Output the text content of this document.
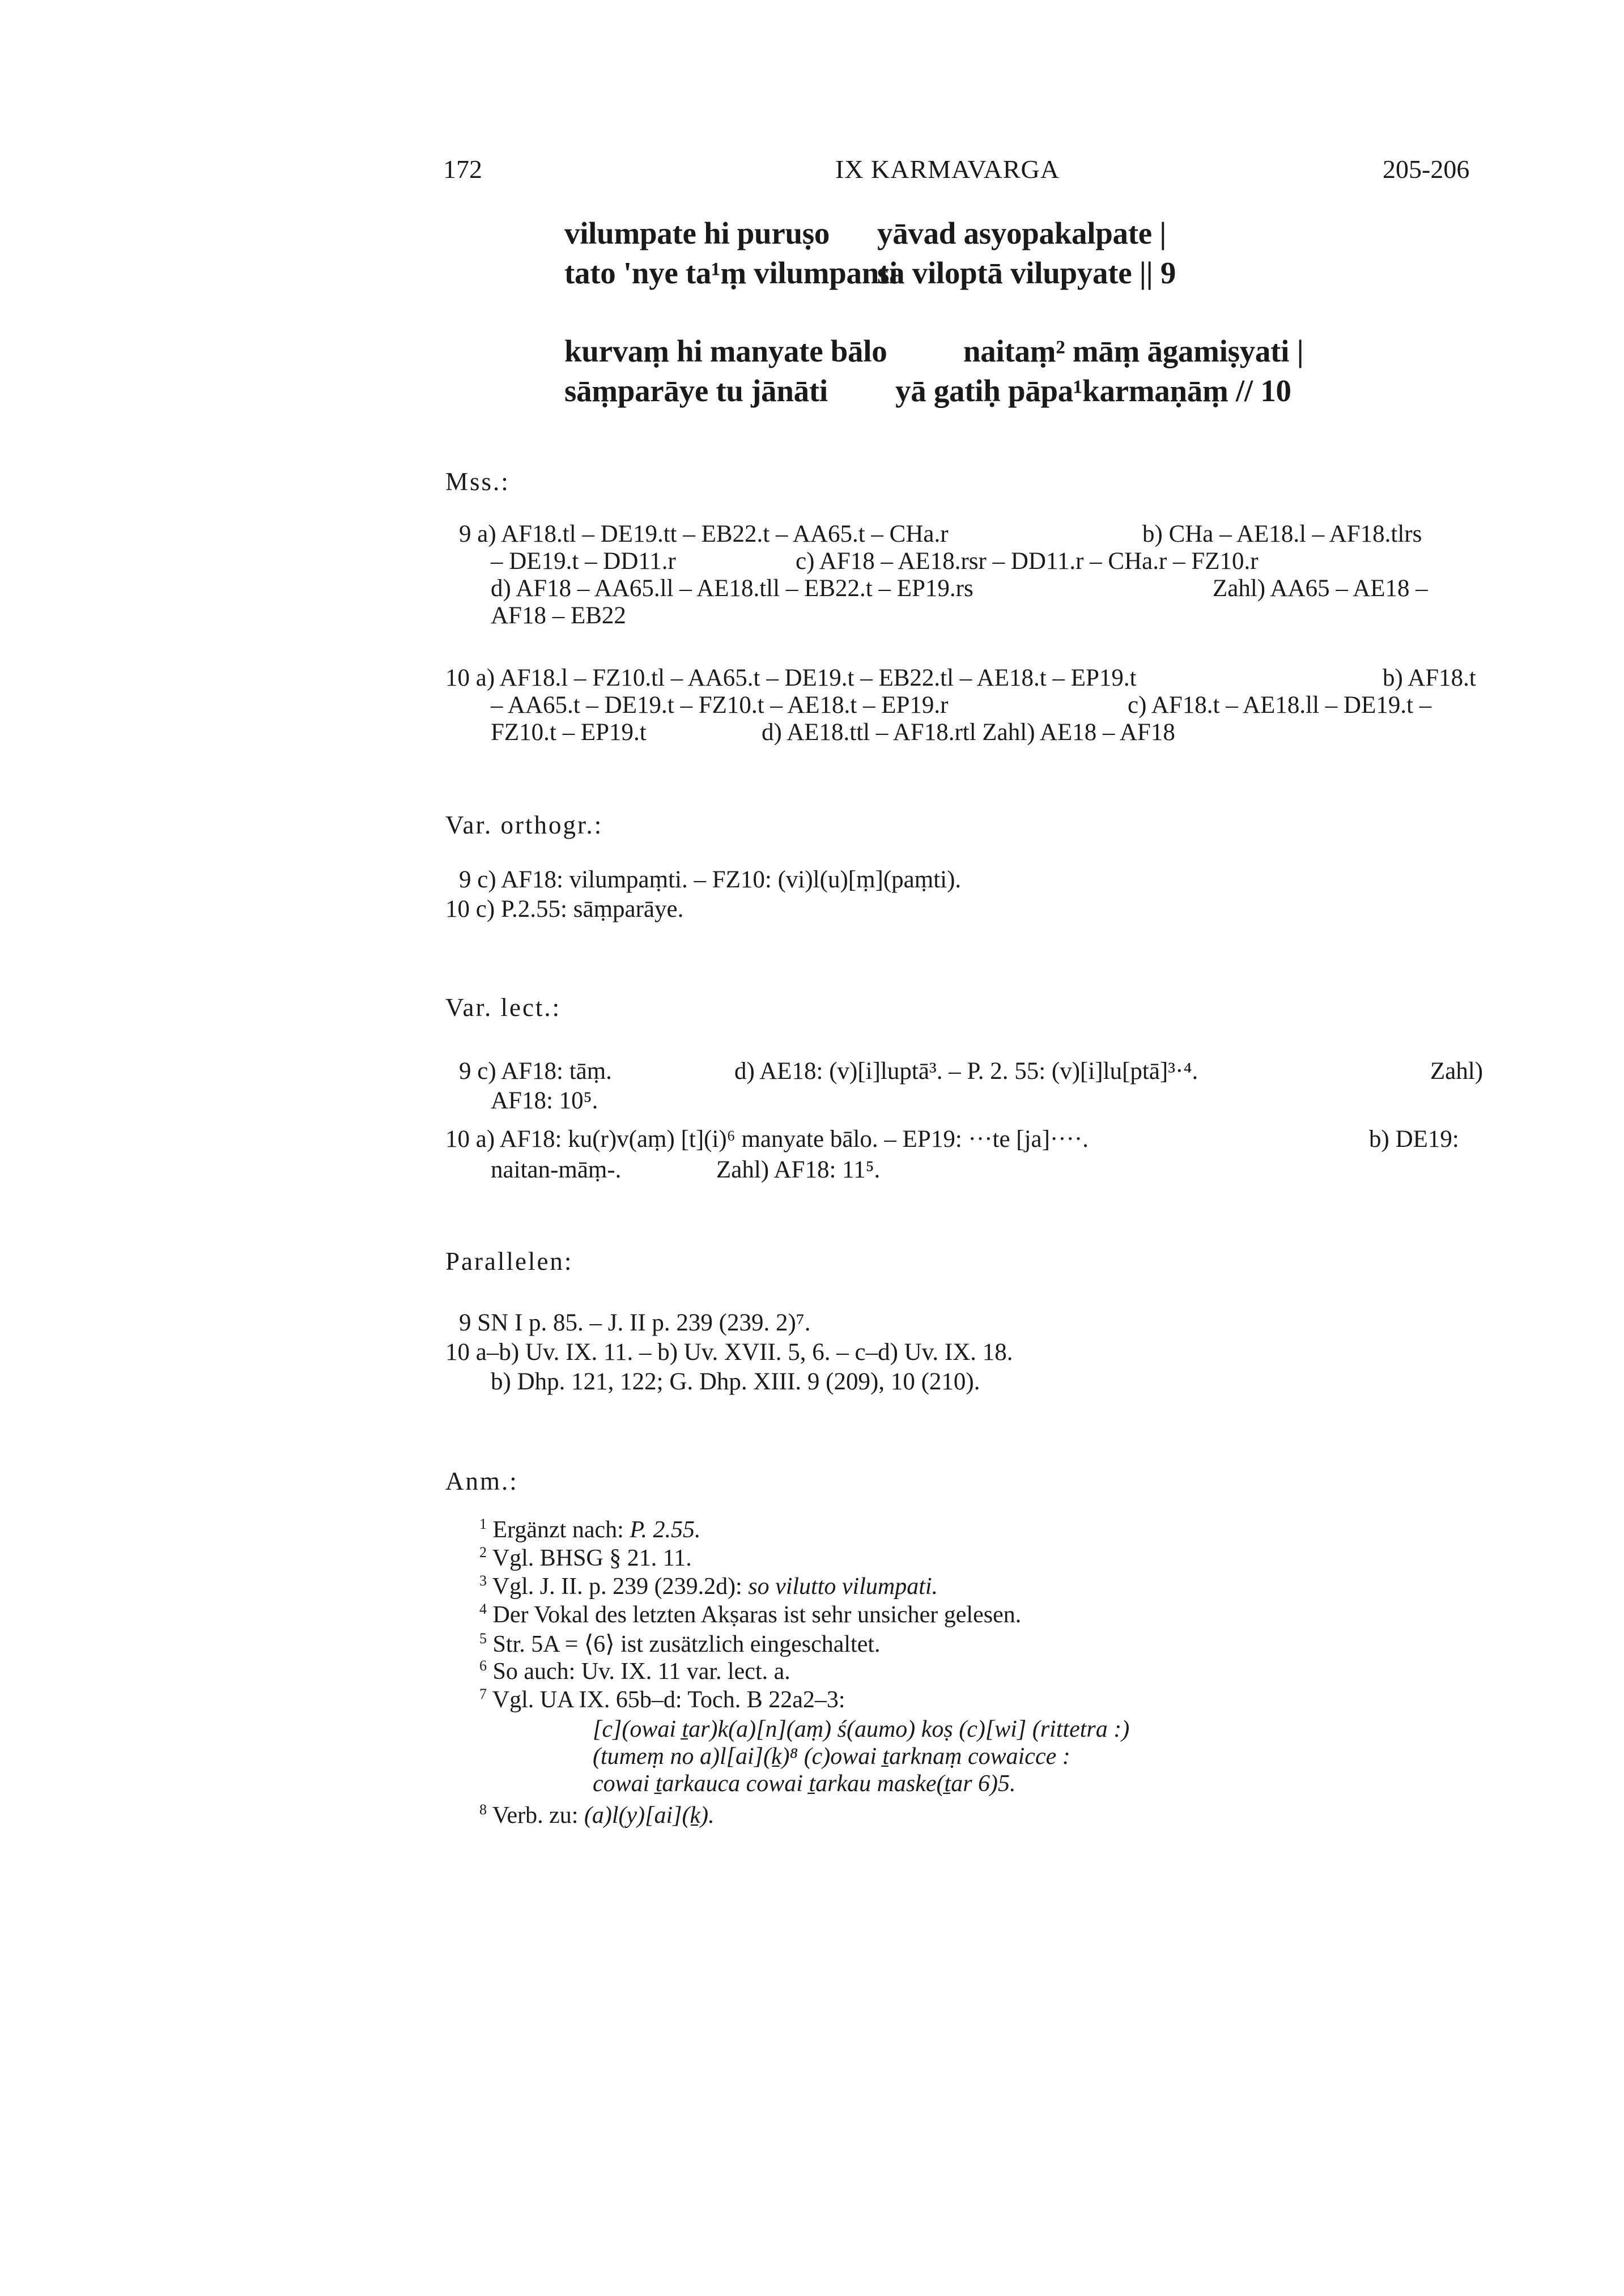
172	IX KARMAVARGA	205-206
vilumpate hi puruṣo yāvad asyopakalpate |
tato 'nye ta¹ṃ vilumpanti
sa viloptā vilupyate || 9
kurvaṃ hi manyate bālo naitaṃ² māṃ āgamiṣyati |
sāṃparāye tu jānāti yā gatiḥ pāpa¹karmaṇāṃ // 10
Mss.:
9 a) AF18.tl – DE19.tt – EB22.t – AA65.t – CHa.r	b) CHa – AE18.l – AF18.tlrs
– DE19.t – DD11.r	c) AF18 – AE18.rsr – DD11.r – CHa.r – FZ10.r
d) AF18 – AA65.ll – AE18.tll – EB22.t – EP19.rs	Zahl) AA65 – AE18 –
AF18 – EB22
10 a) AF18.l – FZ10.tl – AA65.t – DE19.t – EB22.tl – AE18.t – EP19.t	b) AF18.t
– AA65.t – DE19.t – FZ10.t – AE18.t – EP19.r	c) AF18.t – AE18.ll – DE19.t –
FZ10.t – EP19.t	d) AE18.ttl – AF18.rtl Zahl) AE18 – AF18
Var. orthogr.:
9 c) AF18: vilumpaṃti. – FZ10: (vi)l(u)[ṃ](paṃti).
10 c) P.2.55: sāṃparāye.
Var. lect.:
9 c) AF18: tāṃ.	d) AE18: (v)[i]luptā³. – P. 2. 55: (v)[i]lu[ptā]³·⁴.	Zahl)
AF18: 10⁵.
10 a) AF18: ku(r)v(aṃ) [t](i)⁶ manyate bālo. – EP19: ···te [ja]····.	b) DE19:
naitan-māṃ-.	Zahl) AF18: 11⁵.
Parallelen:
9 SN I p. 85. – J. II p. 239 (239. 2)⁷.
10 a–b) Uv. IX. 11. – b) Uv. XVII. 5, 6. – c–d) Uv. IX. 18.
b) Dhp. 121, 122; G. Dhp. XIII. 9 (209), 10 (210).
Anm.:
$^1$ Ergänzt nach: P. 2.55.
$^2$ Vgl. BHSG § 21. 11.
$^3$ Vgl. J. II. p. 239 (239.2d): so vilutto vilumpati.
$^4$ Der Vokal des letzten Akṣaras ist sehr unsicher gelesen.
$^5$ Str. 5A = ⟨6⟩ ist zusätzlich eingeschaltet.
$^6$ So auch: Uv. IX. 11 var. lect. a.
$^7$ Vgl. UA IX. 65b–d: Toch. B 22a2–3:
[c](owai ṯar)k(a)[n](aṃ) ś(aumo) koṣ (c)[wi] (rittetra :)
(tumeṃ no a)l[ai](ḵ)⁸ (c)owai ṯarknaṃ cowaicce :
cowai ṯarkauca cowai ṯarkau maske(ṯar 6)5.
$^8$ Verb. zu: (a)l(y)[ai](ḵ).
